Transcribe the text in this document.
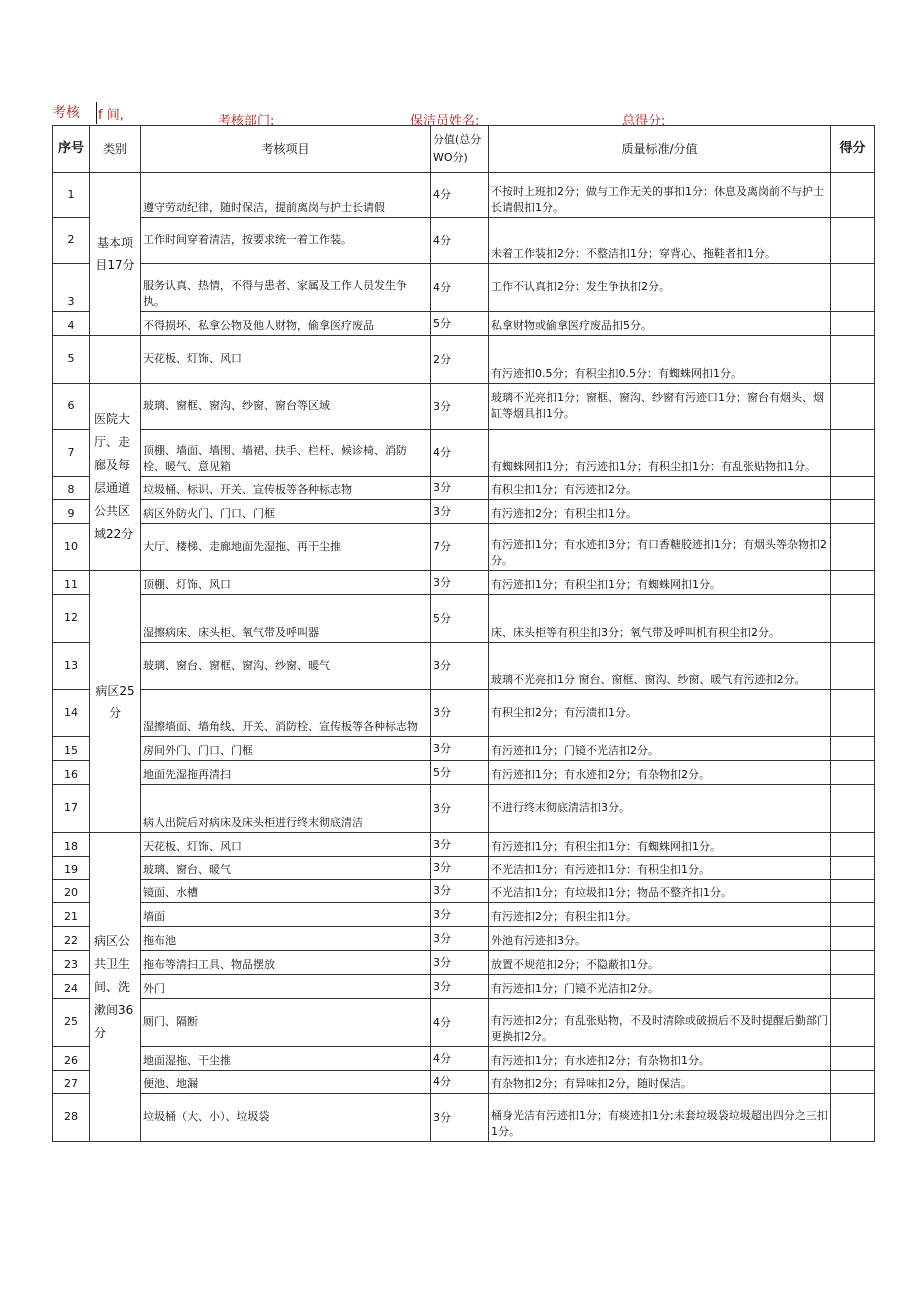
考核 f 间,	考核部门:	保洁员姓名:	总得分:
序号	类别	考核项目	分值(总分WO分)	质量标准/分值	得分
1	基本项目17分	遵守劳动纪律，随时保洁，提前离岗与护士长请假	4分	不按时上班扣2分；做与工作无关的事扣1分：休息及离岗前不与护士长请假扣1分。	
2		工作时间穿着清洁，按要求统一着工作装。	4分	未着工作装扣2分：不整洁扣1分；穿背心、拖鞋者扣1分。	
3		服务认真、热情，不得与患者、家属及工作人员发生争执。	4分	工作不认真扣2分：发生争执扣2分。	
4		不得损坏、私拿公物及他人财物，偷拿医疗废品	5分	私拿财物或偷拿医疗废品扣5分。	
5		天花板、灯饰、风口	2分	有污迹扣0.5分；有积尘扣0.5分：有蜘蛛网扣1分。	
6	医院大厅、走廊及每层通道公共区域22分	玻璃、窗框、窗沟、纱窗、窗台等区域	3分	玻璃不光亮扣1分；窗框、窗沟、纱窗有污迹口1分；窗台有烟头、烟缸等烟具扣1分。	
7		顶棚、墙面、墙围、墙裙、扶手、栏杆、候诊椅、消防栓、暖气、意见箱	4分	有蜘蛛网扣1分；有污迹扣1分；有积尘扣1分：有乱张贴物扣1分。	
8		垃圾桶、标识、开关、宣传板等各种标志物	3分	有积尘扣1分；有污迹扣2分。	
9		病区外防火门、门口、门框	3分	有污迹扣2分；有积尘扣1分。	
10		大厅、楼梯、走廊地面先湿拖、再干尘推	7分	有污迹扣1分；有水迹扣3分；有口香糖胶迹扣1分；有烟头等杂物扣2分。	
11	病区25分	顶棚、灯饰、风口	3分	有污迹扣1分；有积尘扣1分；有蜘蛛网扣1分。	
12		湿擦病床、床头柜、氧气带及呼叫器	5分	床、床头柜等有积尘扣3分；氧气带及呼叫机有积尘扣2分。	
13		玻璃、窗台、窗框、窗沟、纱窗、暖气	3分	玻璃不光亮扣1分 窗台、窗框、窗沟、纱窗、暖气有污迹扣2分。	
14		湿擦墙面、墙角线、开关、消防栓、宣传板等各种标志物	3分	有积尘扣2分；有污渍扣1分。	
15		房间外门、门口、门框	3分	有污迹扣1分；门镜不光洁扣2分。	
16		地面先湿拖再清扫	5分	有污迹扣1分；有水迹扣2分；有杂物扣2分。	
17		病人出院后对病床及床头柜进行终末彻底清洁	3分	不进行终末彻底清洁扣3分。	
18	病区公共卫生间、洗漱间36分	天花板、灯饰、风口	3分	有污迹扣1分；有积尘扣1分：有蜘蛛网扣1分。	
19		玻璃、窗台、暖气	3分	不光洁扣1分；有污迹扣1分：有积尘扣1分。	
20		镜面、水槽	3分	不光洁扣1分；有垃圾扣1分；物品不整齐扣1分。	
21		墙面	3分	有污迹扣2分；有积尘扣1分。	
22		拖布池	3分	外池有污迹扣3分。	
23		拖布等清扫工具、物品摆放	3分	放置不规范扣2分；不隐蔽扣1分。	
24		外门	3分	有污迹扣1分；门镜不光洁扣2分。	
25		厕门、隔断	4分	有污迹扣2分；有乱张贴物，不及时清除或破损后不及时提醒后勤部门更换扣2分。	
26		地面湿拖、干尘推	4分	有污迹扣1分；有水迹扣2分；有杂物扣1分。	
27		便池、地漏	4分	有杂物扣2分；有异味扣2分，随时保洁。	
28		垃圾桶（大、小）、垃圾袋	3分	桶身光洁有污迹扣1分；有痰迹扣1分;未套垃圾袋垃圾超出四分之三扣1分。	
